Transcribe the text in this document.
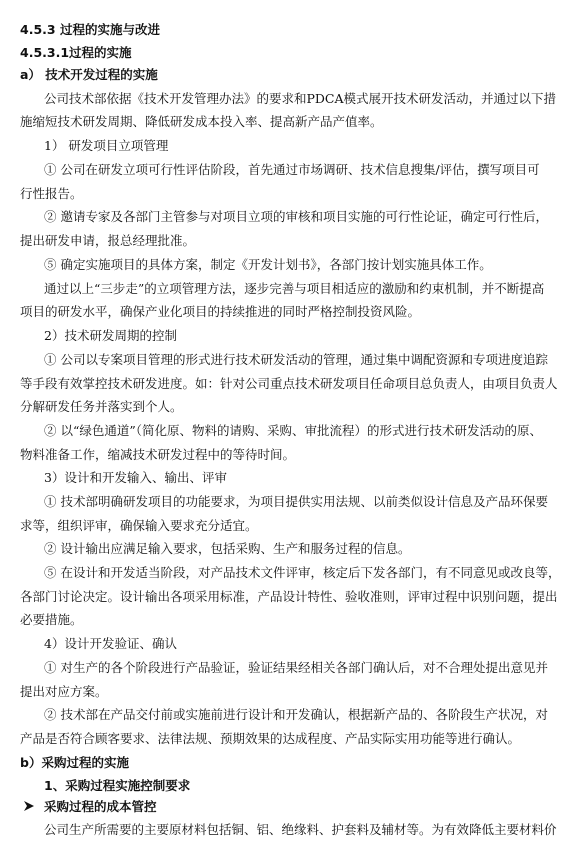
4.5.3 过程的实施与改进
4.5.3.1过程的实施
a） 技术开发过程的实施
公司技术部依据《技术开发管理办法》的要求和PDCA模式展开技术研发活动，并通过以下措
施缩短技术研发周期、降低研发成本投入率、提高新产品产值率。
1） 研发项目立项管理
① 公司在研发立项可行性评估阶段，首先通过市场调研、技术信息搜集/评估，撰写项目可
行性报告。
② 邀请专家及各部门主管参与对项目立项的审核和项目实施的可行性论证，确定可行性后，
提出研发申请，报总经理批准。
⑤ 确定实施项目的具体方案，制定《开发计划书》，各部门按计划实施具体工作。
通过以上“三步走”的立项管理方法，逐步完善与项目相适应的激励和约束机制，并不断提高
项目的研发水平，确保产业化项目的持续推进的同时严格控制投资风险。
2）技术研发周期的控制
① 公司以专案项目管理的形式进行技术研发活动的管理，通过集中调配资源和专项进度追踪
等手段有效掌控技术研发进度。如：针对公司重点技术研发项目任命项目总负责人，由项目负责人
分解研发任务并落实到个人。
② 以“绿色通道”（简化原、物料的请购、采购、审批流程）的形式进行技术研发活动的原、
物料准备工作，缩减技术研发过程中的等待时间。
3）设计和开发输入、输出、评审
① 技术部明确研发项目的功能要求，为项目提供实用法规、以前类似设计信息及产品环保要
求等，组织评审，确保输入要求充分适宜。
② 设计输出应满足输入要求，包括采购、生产和服务过程的信息。
⑤ 在设计和开发适当阶段，对产品技术文件评审，核定后下发各部门，有不同意见或改良等，
各部门讨论决定。设计输出各项采用标准，产品设计特性、验收准则，评审过程中识别问题，提出
必要措施。
4）设计开发验证、确认
① 对生产的各个阶段进行产品验证，验证结果经相关各部门确认后，对不合理处提出意见并
提出对应方案。
② 技术部在产品交付前或实施前进行设计和开发确认，根据新产品的、各阶段生产状况，对
产品是否符合顾客要求、法律法规、预期效果的达成程度、产品实际实用功能等进行确认。
b）采购过程的实施
1、采购过程实施控制要求
采购过程的成本管控
公司生产所需要的主要原材料包括铜、铝、绝缘料、护套料及辅材等。为有效降低主要材料价
